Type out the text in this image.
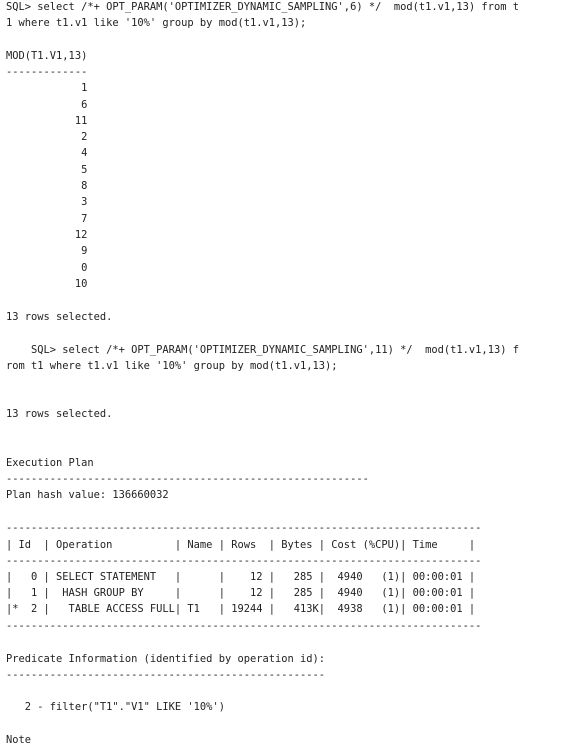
SQL> select /*+ OPT_PARAM('OPTIMIZER_DYNAMIC_SAMPLING',6) */  mod(t1.v1,13) from t
1 where t1.v1 like '10%' group by mod(t1.v1,13);
MOD(T1.V1,13)
-------------
1
6
11
2
4
5
8
3
7
12
9
0
10
13 rows selected.
SQL> select /*+ OPT_PARAM('OPTIMIZER_DYNAMIC_SAMPLING',11) */  mod(t1.v1,13) f
rom t1 where t1.v1 like '10%' group by mod(t1.v1,13);
13 rows selected.
Execution Plan
----------------------------------------------------------
Plan hash value: 136660032
----------------------------------------------------------------------------
| Id  | Operation          | Name | Rows  | Bytes | Cost (%CPU)| Time     |
----------------------------------------------------------------------------
|   0 | SELECT STATEMENT   |      |    12 |   285 |  4940   (1)| 00:00:01 |
|   1 |  HASH GROUP BY     |      |    12 |   285 |  4940   (1)| 00:00:01 |
|*  2 |   TABLE ACCESS FULL| T1   | 19244 |   413K|  4938   (1)| 00:00:01 |
----------------------------------------------------------------------------
Predicate Information (identified by operation id):
---------------------------------------------------
2 - filter("T1"."V1" LIKE '10%')
Note
